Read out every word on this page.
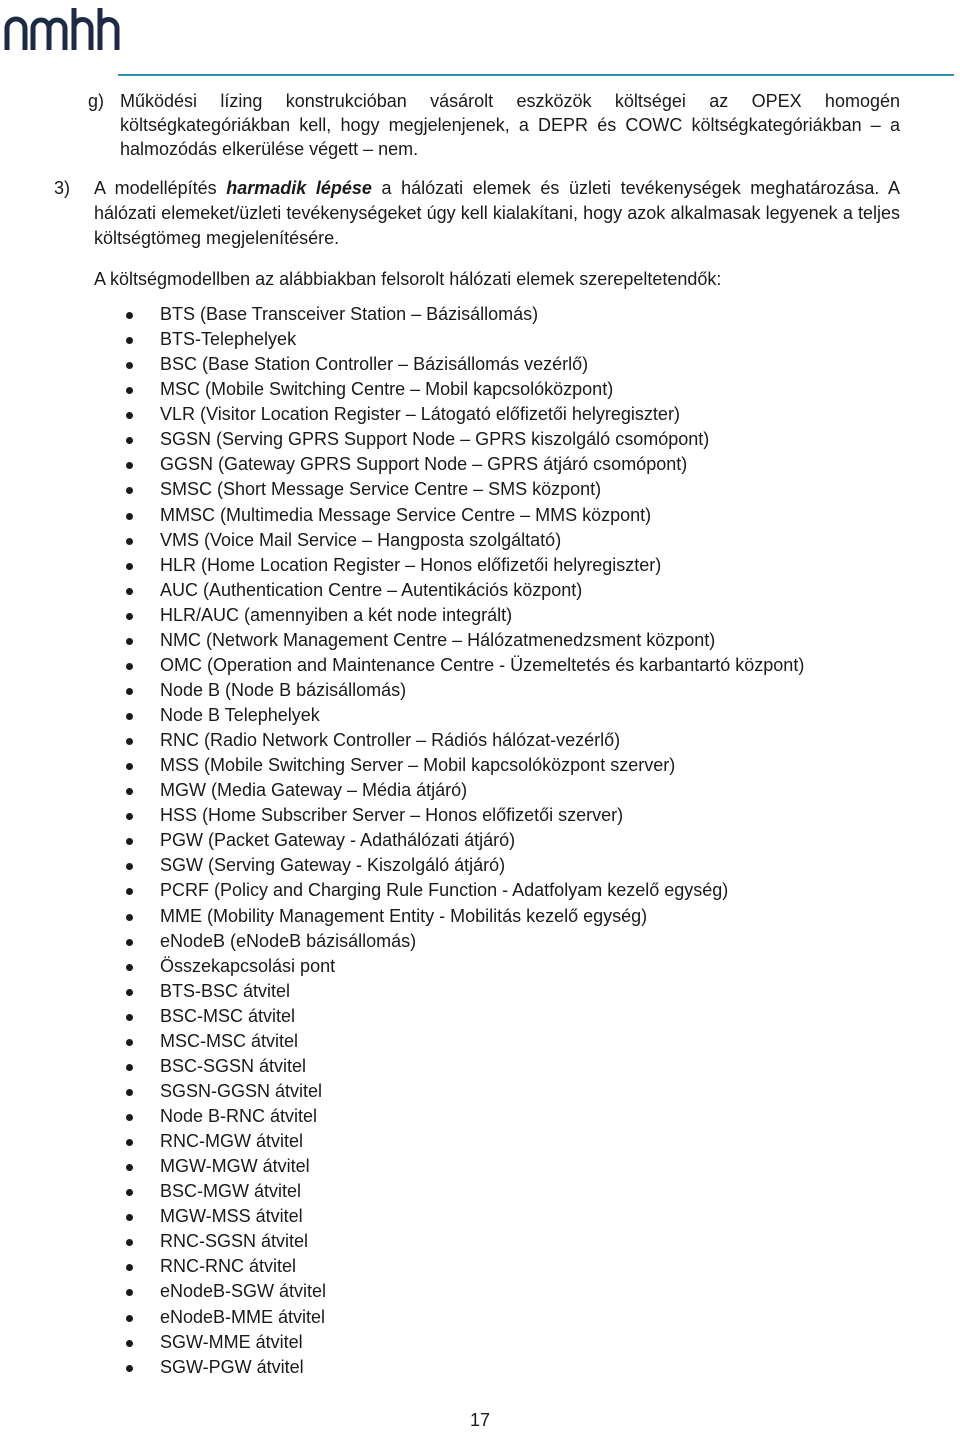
g) Működési lízing konstrukcióban vásárolt eszközök költségei az OPEX homogén költségkategóriákban kell, hogy megjelenjenek, a DEPR és COWC költségkategóriákban – a halmozódás elkerülése végett – nem.
3)	A modellépítés harmadik lépése a hálózati elemek és üzleti tevékenységek meghatározása. A hálózati elemeket/üzleti tevékenységeket úgy kell kialakítani, hogy azok alkalmasak legyenek a teljes költségtömeg megjelenítésére.
A költségmodellben az alábbiakban felsorolt hálózati elemek szerepeltetendők:
BTS (Base Transceiver Station – Bázisállomás)
BTS-Telephelyek
BSC (Base Station Controller – Bázisállomás vezérlő)
MSC (Mobile Switching Centre – Mobil kapcsolóközpont)
VLR (Visitor Location Register – Látogató előfizetői helyregiszter)
SGSN (Serving GPRS Support Node – GPRS kiszolgáló csomópont)
GGSN (Gateway GPRS Support Node – GPRS átjáró csomópont)
SMSC (Short Message Service Centre – SMS központ)
MMSC (Multimedia Message Service Centre – MMS központ)
VMS (Voice Mail Service – Hangposta szolgáltató)
HLR (Home Location Register – Honos előfizetői helyregiszter)
AUC (Authentication Centre – Autentikációs központ)
HLR/AUC (amennyiben a két node integrált)
NMC (Network Management Centre – Hálózatmenedzsment központ)
OMC (Operation and Maintenance Centre - Üzemeltetés és karbantartó központ)
Node B (Node B bázisállomás)
Node B Telephelyek
RNC (Radio Network Controller – Rádiós hálózat-vezérlő)
MSS (Mobile Switching Server – Mobil kapcsolóközpont szerver)
MGW (Media Gateway – Média átjáró)
HSS (Home Subscriber Server – Honos előfizetői szerver)
PGW (Packet Gateway - Adathálózati átjáró)
SGW (Serving Gateway - Kiszolgáló átjáró)
PCRF (Policy and Charging Rule Function - Adatfolyam kezelő egység)
MME (Mobility Management Entity - Mobilitás kezelő egység)
eNodeB (eNodeB bázisállomás)
Összekapcsolási pont
BTS-BSC átvitel
BSC-MSC átvitel
MSC-MSC átvitel
BSC-SGSN átvitel
SGSN-GGSN átvitel
Node B-RNC átvitel
RNC-MGW átvitel
MGW-MGW átvitel
BSC-MGW átvitel
MGW-MSS átvitel
RNC-SGSN átvitel
RNC-RNC átvitel
eNodeB-SGW átvitel
eNodeB-MME átvitel
SGW-MME átvitel
SGW-PGW átvitel
17
